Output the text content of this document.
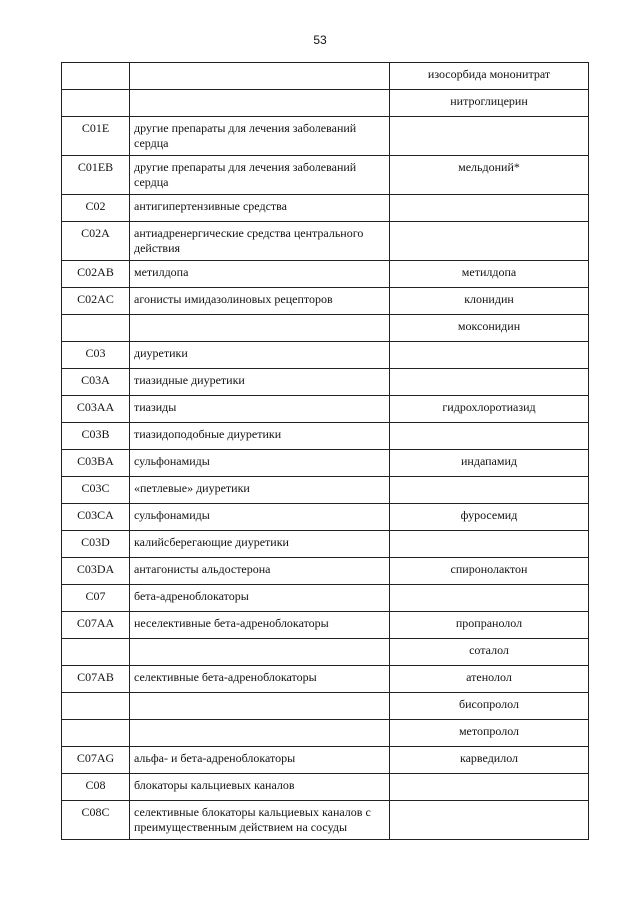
53
		изосорбида мононитрат
		нитроглицерин
C01E	другие препараты для лечения заболеваний сердца	
C01EB	другие препараты для лечения заболеваний сердца	мельдоний*
C02	антигипертензивные средства	
C02A	антиадренергические средства центрального действия	
C02AB	метилдопа	метилдопа
C02AC	агонисты имидазолиновых рецепторов	клонидин
		моксонидин
C03	диуретики	
C03A	тиазидные диуретики	
C03AA	тиазиды	гидрохлоротиазид
C03B	тиазидоподобные диуретики	
C03BA	сульфонамиды	индапамид
C03C	«петлевые» диуретики	
C03CA	сульфонамиды	фуросемид
C03D	калийсберегающие диуретики	
C03DA	антагонисты альдостерона	спиронолактон
C07	бета-адреноблокаторы	
C07AA	неселективные бета-адреноблокаторы	пропранолол
		соталол
C07AB	селективные бета-адреноблокаторы	атенолол
		бисопролол
		метопролол
C07AG	альфа- и бета-адреноблокаторы	карведилол
C08	блокаторы кальциевых каналов	
C08C	селективные блокаторы кальциевых каналов с преимущественным действием на сосуды	
